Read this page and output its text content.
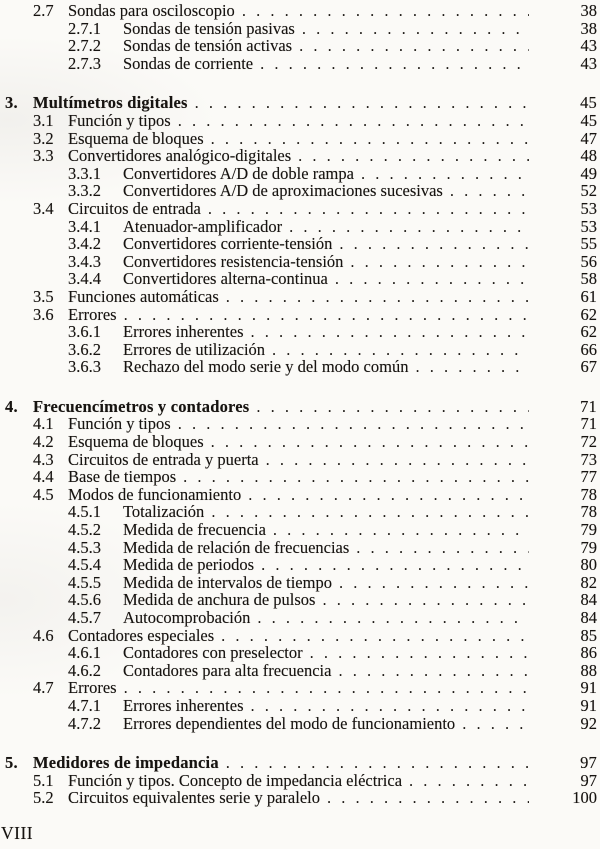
2.7 Sondas para osciloscopio . . .	38
2.7.1	Sondas de tensión pasivas . . .	38
2.7.2	Sondas de tensión activas . . .	43
2.7.3	Sondas de corriente . . .	43
3. Multímetros digitales . . .	45
3.1 Función y tipos . . .	45
3.2 Esquema de bloques . . .	47
3.3 Convertidores analógico-digitales . . .	48
3.3.1	Convertidores A/D de doble rampa . . .	49
3.3.2	Convertidores A/D de aproximaciones sucesivas . . .	52
3.4 Circuitos de entrada . . .	53
3.4.1	Atenuador-amplificador . . .	53
3.4.2	Convertidores corriente-tensión . . .	55
3.4.3	Convertidores resistencia-tensión . . .	56
3.4.4	Convertidores alterna-continua . . .	58
3.5 Funciones automáticas . . .	61
3.6 Errores . . .	62
3.6.1	Errores inherentes . . .	62
3.6.2	Errores de utilización . . .	66
3.6.3	Rechazo del modo serie y del modo común . . .	67
4. Frecuencímetros y contadores . . .	71
4.1 Función y tipos . . .	71
4.2 Esquema de bloques . . .	72
4.3 Circuitos de entrada y puerta . . .	73
4.4 Base de tiempos . . .	77
4.5 Modos de funcionamiento . . .	78
4.5.1	Totalización . . .	78
4.5.2	Medida de frecuencia . . .	79
4.5.3	Medida de relación de frecuencias . . .	79
4.5.4	Medida de periodos . . .	80
4.5.5	Medida de intervalos de tiempo . . .	82
4.5.6	Medida de anchura de pulsos . . .	84
4.5.7	Autocomprobación . . .	84
4.6 Contadores especiales . . .	85
4.6.1	Contadores con preselector . . .	86
4.6.2	Contadores para alta frecuencia . . .	88
4.7 Errores . . .	91
4.7.1	Errores inherentes . . .	91
4.7.2	Errores dependientes del modo de funcionamiento . . .	92
5. Medidores de impedancia . . .	97
5.1 Función y tipos. Concepto de impedancia eléctrica . . .	97
5.2 Circuitos equivalentes serie y paralelo . . .	100
VIII
